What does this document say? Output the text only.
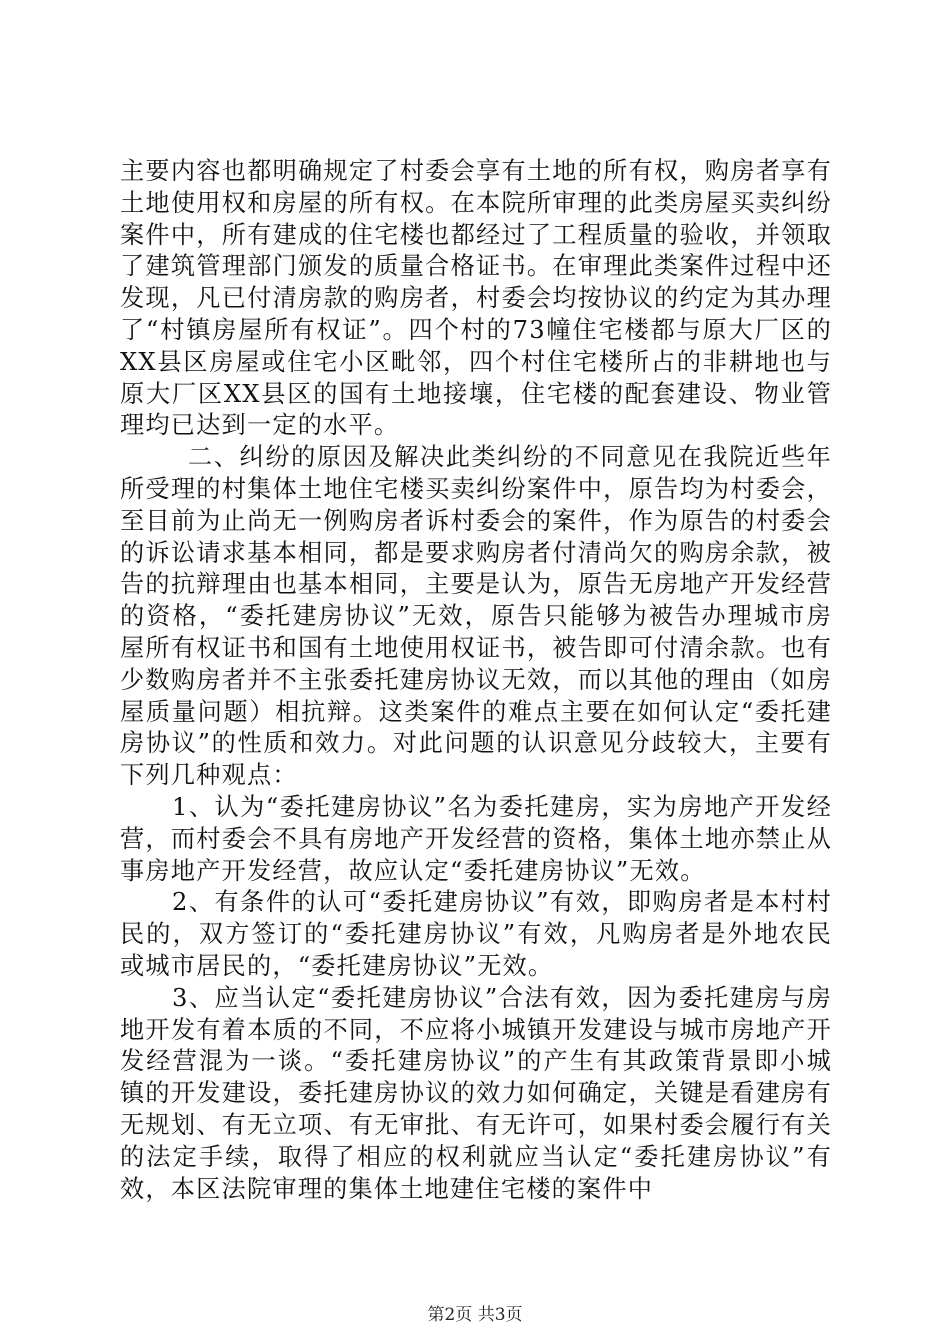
主要内容也都明确规定了村委会享有土地的所有权，购房者享有土地使用权和房屋的所有权。在本院所审理的此类房屋买卖纠纷案件中，所有建成的住宅楼也都经过了工程质量的验收，并领取了建筑管理部门颁发的质量合格证书。在审理此类案件过程中还发现，凡已付清房款的购房者，村委会均按协议的约定为其办理了“村镇房屋所有权证”。四个村的73幢住宅楼都与原大厂区的XX县区房屋或住宅小区毗邻，四个村住宅楼所占的非耕地也与原大厂区XX县区的国有土地接壤，住宅楼的配套建设、物业管理均已达到一定的水平。

二、纠纷的原因及解决此类纠纷的不同意见在我院近些年所受理的村集体土地住宅楼买卖纠纷案件中，原告均为村委会，至目前为止尚无一例购房者诉村委会的案件，作为原告的村委会的诉讼请求基本相同，都是要求购房者付清尚欠的购房余款，被告的抗辩理由也基本相同，主要是认为，原告无房地产开发经营的资格，“委托建房协议”无效，原告只能够为被告办理城市房屋所有权证书和国有土地使用权证书，被告即可付清余款。也有少数购房者并不主张委托建房协议无效，而以其他的理由（如房屋质量问题）相抗辩。这类案件的难点主要在如何认定“委托建房协议”的性质和效力。对此问题的认识意见分歧较大，主要有下列几种观点：

1、认为“委托建房协议”名为委托建房，实为房地产开发经营，而村委会不具有房地产开发经营的资格，集体土地亦禁止从事房地产开发经营，故应认定“委托建房协议”无效。

2、有条件的认可“委托建房协议”有效，即购房者是本村村民的，双方签订的“委托建房协议”有效，凡购房者是外地农民或城市居民的，“委托建房协议”无效。

3、应当认定“委托建房协议”合法有效，因为委托建房与房地开发有着本质的不同，不应将小城镇开发建设与城市房地产开发经营混为一谈。“委托建房协议”的产生有其政策背景即小城镇的开发建设，委托建房协议的效力如何确定，关键是看建房有无规划、有无立项、有无审批、有无许可，如果村委会履行有关的法定手续，取得了相应的权利就应当认定“委托建房协议”有效，本区法院审理的集体土地建住宅楼的案件中

第2页 共3页
